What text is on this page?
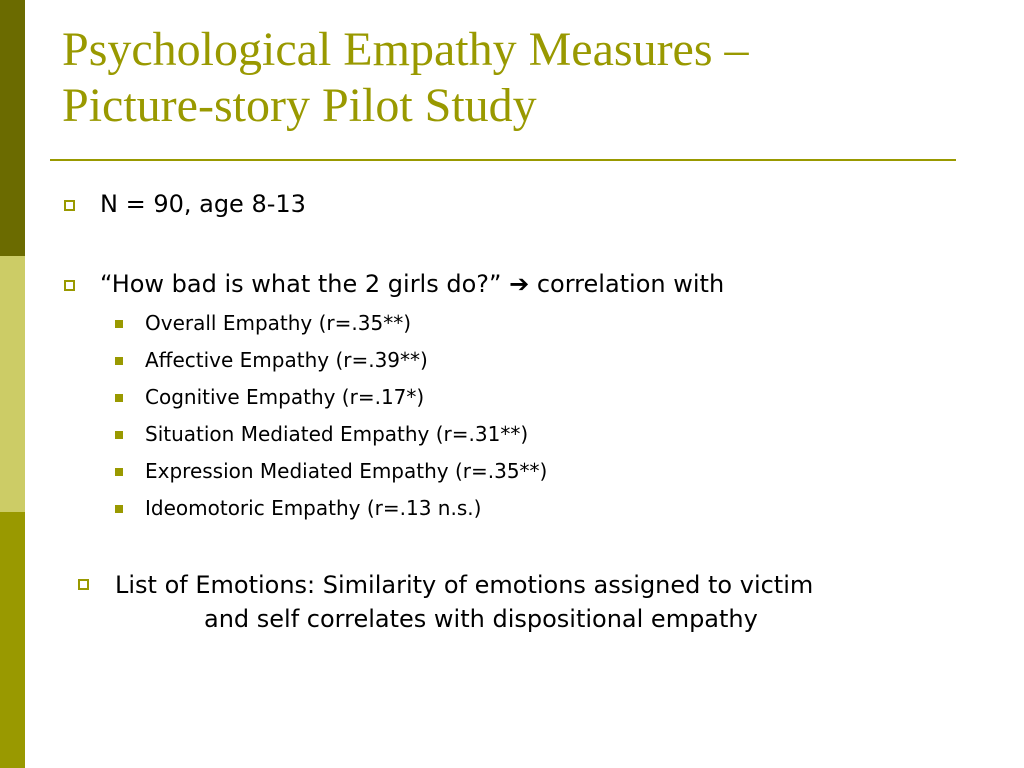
Psychological Empathy Measures –
Picture-story Pilot Study
N = 90, age 8-13
“How bad is what the 2 girls do?” ➔ correlation with
Overall Empathy (r=.35**)
Affective Empathy (r=.39**)
Cognitive Empathy (r=.17*)
Situation Mediated Empathy (r=.31**)
Expression Mediated Empathy (r=.35**)
Ideomotoric Empathy (r=.13 n.s.)
List of Emotions: Similarity of emotions assigned to victim
and self correlates with dispositional empathy
